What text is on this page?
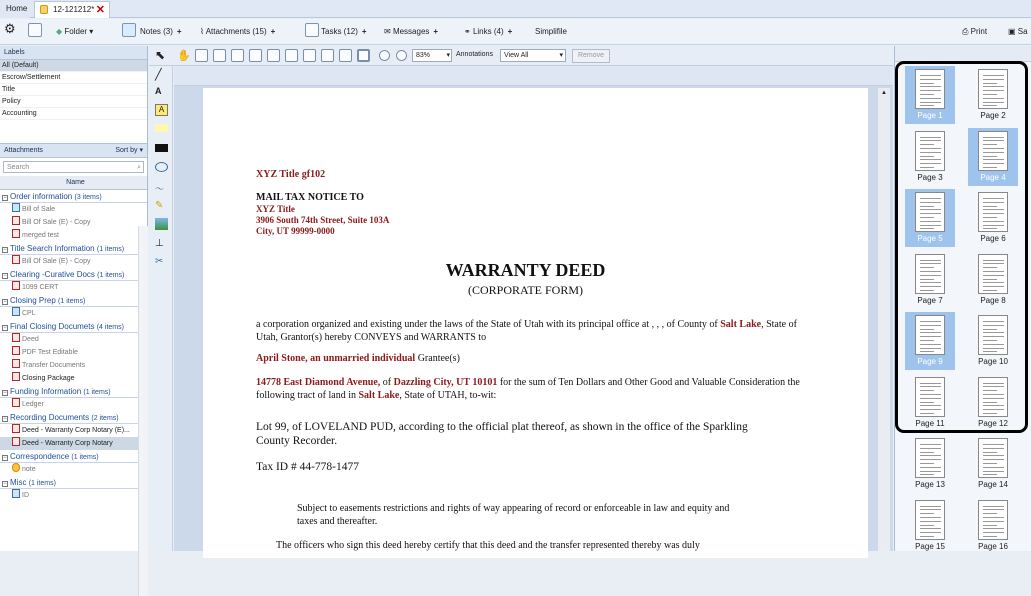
Home	12-121212* ✕
⚙	◆ Folder ▾	Notes (3) + ⌇ Attachments (15) +	Tasks (12) + ✉ Messages +	⚭ Links (4) +	Simplifile	⎙ Print	▣ Sa
Labels
All (Default)
Escrow/Settlement
Title
Policy
Accounting
Attachments	Sort by ▾
Search	⌕
Name
− Order information (3 items)
Bill of Sale
Bill Of Sale (E) - Copy
merged test
− Title Search Information (1 items)
Bill Of Sale (E) - Copy
− Clearing -Curative Docs (1 items)
1099 CERT
− Closing Prep (1 items)
CPL
− Final Closing Documets (4 items)
Deed
PDF Test Editable
Transfer Documents
Closing Package
− Funding Information (1 items)
Ledger
− Recording Documents (2 items)
Deed - Warranty Corp Notary (E)...
Deed - Warranty Corp Notary
− Correspondence (1 items)
note
− Misc (1 items)
ID
⬉ ✋	83% ▾ Annotations	View All	▾	Remove
╱
A
A
〜
✎
⊥
✂
XYZ Title gf102
MAIL TAX NOTICE TO
XYZ Title
3906 South 74th Street, Suite 103A
City, UT 99999-0000
WARRANTY DEED
(CORPORATE FORM)
a corporation organized and existing under the laws of the State of Utah with its principal office at , , , of County of Salt Lake, State of Utah, Grantor(s) hereby CONVEYS and WARRANTS to
April Stone, an unmarried individual Grantee(s)
14778 East Diamond Avenue, of Dazzling City, UT 10101 for the sum of Ten Dollars and Other Good and Valuable Consideration the following tract of land in Salt Lake, State of UTAH, to-wit:
Lot 99, of LOVELAND PUD, according to the official plat thereof, as shown in the office of the Sparkling County Recorder.
Tax ID # 44-778-1477
Subject to easements restrictions and rights of way appearing of record or enforceable in law and equity and taxes and thereafter.
The officers who sign this deed hereby certify that this deed and the transfer represented thereby was duly
▲
Page 1	Page 2
Page 3	Page 4
Page 5	Page 6
Page 7	Page 8
Page 9	Page 10
Page 11	Page 12
Page 13	Page 14
Page 15	Page 16
